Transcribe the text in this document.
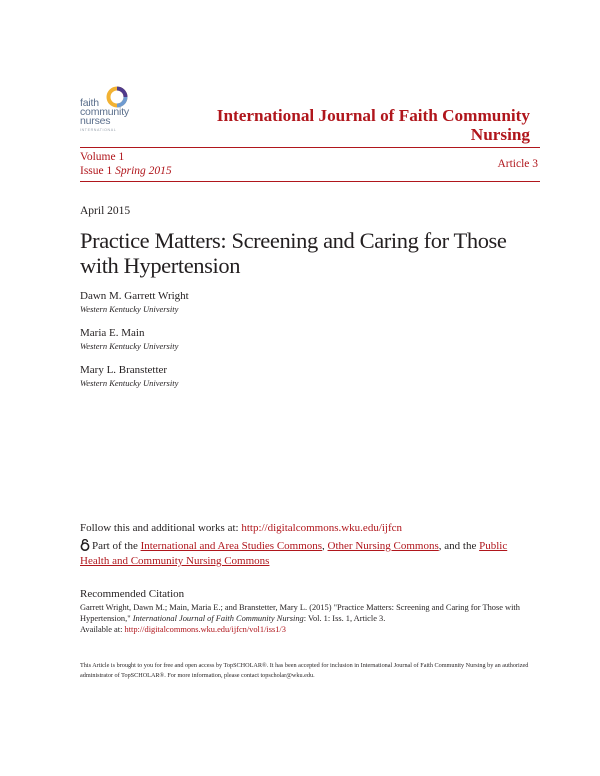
faith
community
nurses
INTERNATIONAL
International Journal of Faith Community Nursing
Volume 1
Issue 1 Spring 2015
Article 3
April 2015
Practice Matters: Screening and Caring for Those with Hypertension
Dawn M. Garrett Wright
Western Kentucky University
Maria E. Main
Western Kentucky University
Mary L. Branstetter
Western Kentucky University
Follow this and additional works at: http://digitalcommons.wku.edu/ijfcn
Part of the International and Area Studies Commons, Other Nursing Commons, and the Public Health and Community Nursing Commons
Recommended Citation
Garrett Wright, Dawn M.; Main, Maria E.; and Branstetter, Mary L. (2015) "Practice Matters: Screening and Caring for Those with Hypertension," International Journal of Faith Community Nursing: Vol. 1: Iss. 1, Article 3.
Available at: http://digitalcommons.wku.edu/ijfcn/vol1/iss1/3
This Article is brought to you for free and open access by TopSCHOLAR®. It has been accepted for inclusion in International Journal of Faith Community Nursing by an authorized administrator of TopSCHOLAR®. For more information, please contact topscholar@wku.edu.
